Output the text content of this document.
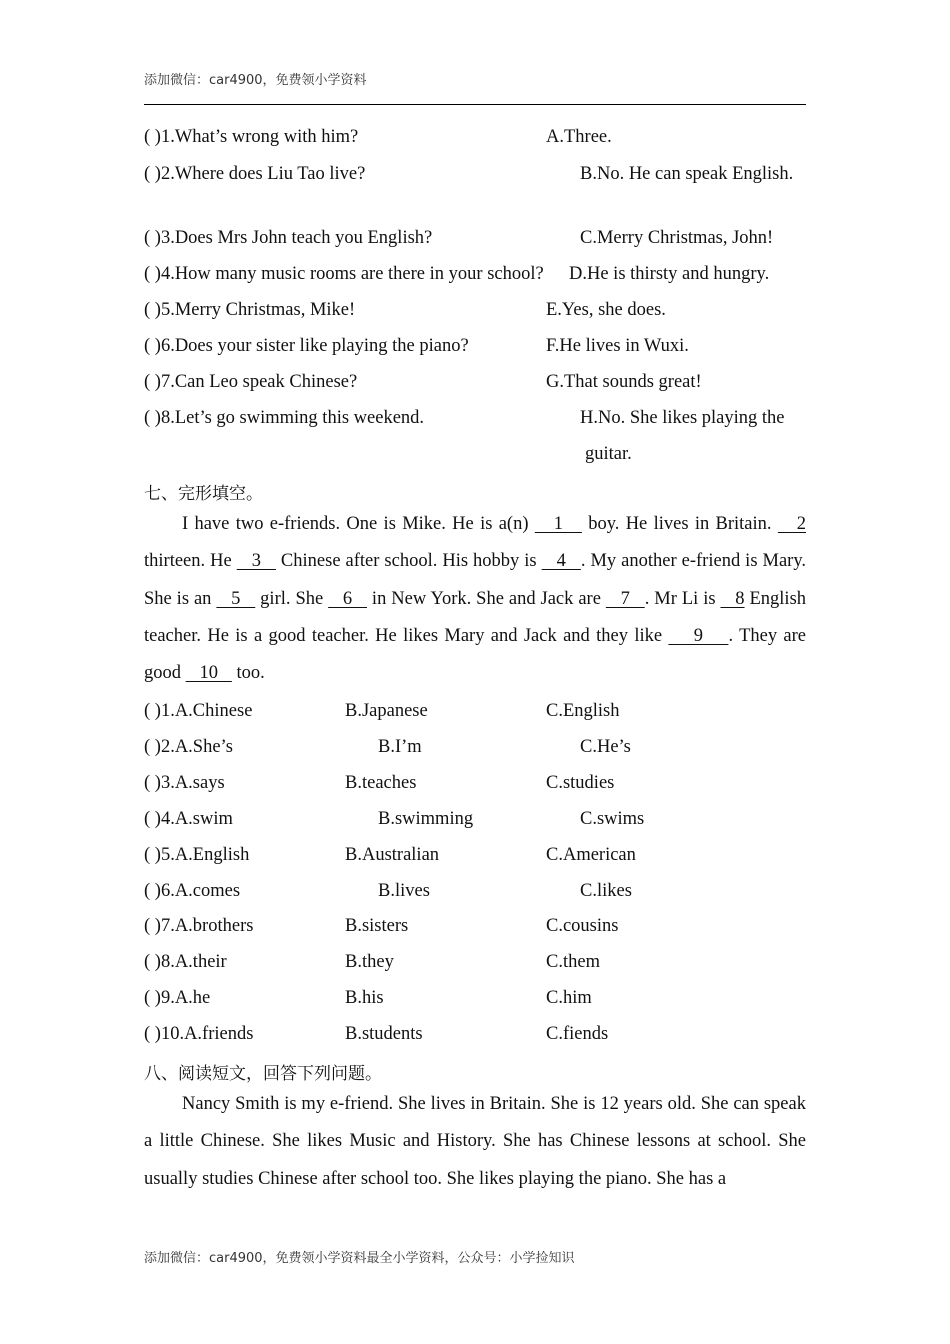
添加微信：car4900，免费领小学资料
( )1.What’s wrong with him?
( )2.Where does Liu Tao live?
( )3.Does Mrs John teach you English?
( )4.How many music rooms are there in your school?
( )5.Merry Christmas, Mike!
( )6.Does your sister like playing the piano?
( )7.Can Leo speak Chinese?
( )8.Let’s go swimming this weekend.
A.Three.
B.No. He can speak English.
C.Merry Christmas, John!
D.He is thirsty and hungry.
E.Yes, she does.
F.He lives in Wuxi.
G.That sounds great!
H.No. She likes playing the
guitar.
七、完形填空。

I have two e-friends. One is Mike. He is a(n)    1    boy. He lives in Britain.    2 thirteen. He    3    Chinese after school. His hobby is    4   . My another e-friend is Mary. She is an    5    girl. She    6    in New York. She and Jack are    7   . Mr Li is    8 English teacher. He is a good teacher. He likes Mary and Jack and they like     9    . They are good    10    too.

( )1.A.Chinese	B.Japanese	C.English
( )2.A.She’s	B.I’m	C.He’s
( )3.A.says	B.teaches	C.studies
( )4.A.swim	B.swimming	C.swims
( )5.A.English	B.Australian	C.American
( )6.A.comes	B.lives	C.likes
( )7.A.brothers	B.sisters	C.cousins
( )8.A.their	B.they	C.them
( )9.A.he	B.his	C.him
( )10.A.friends	B.students	C.fiends
八、阅读短文，回答下列问题。

Nancy Smith is my e-friend. She lives in Britain. She is 12 years old. She can speak a little Chinese. She likes Music and History. She has Chinese lessons at school. She usually studies Chinese after school too. She likes playing the piano. She has a

添加微信：car4900，免费领小学资料最全小学资料，公众号：小学捡知识
